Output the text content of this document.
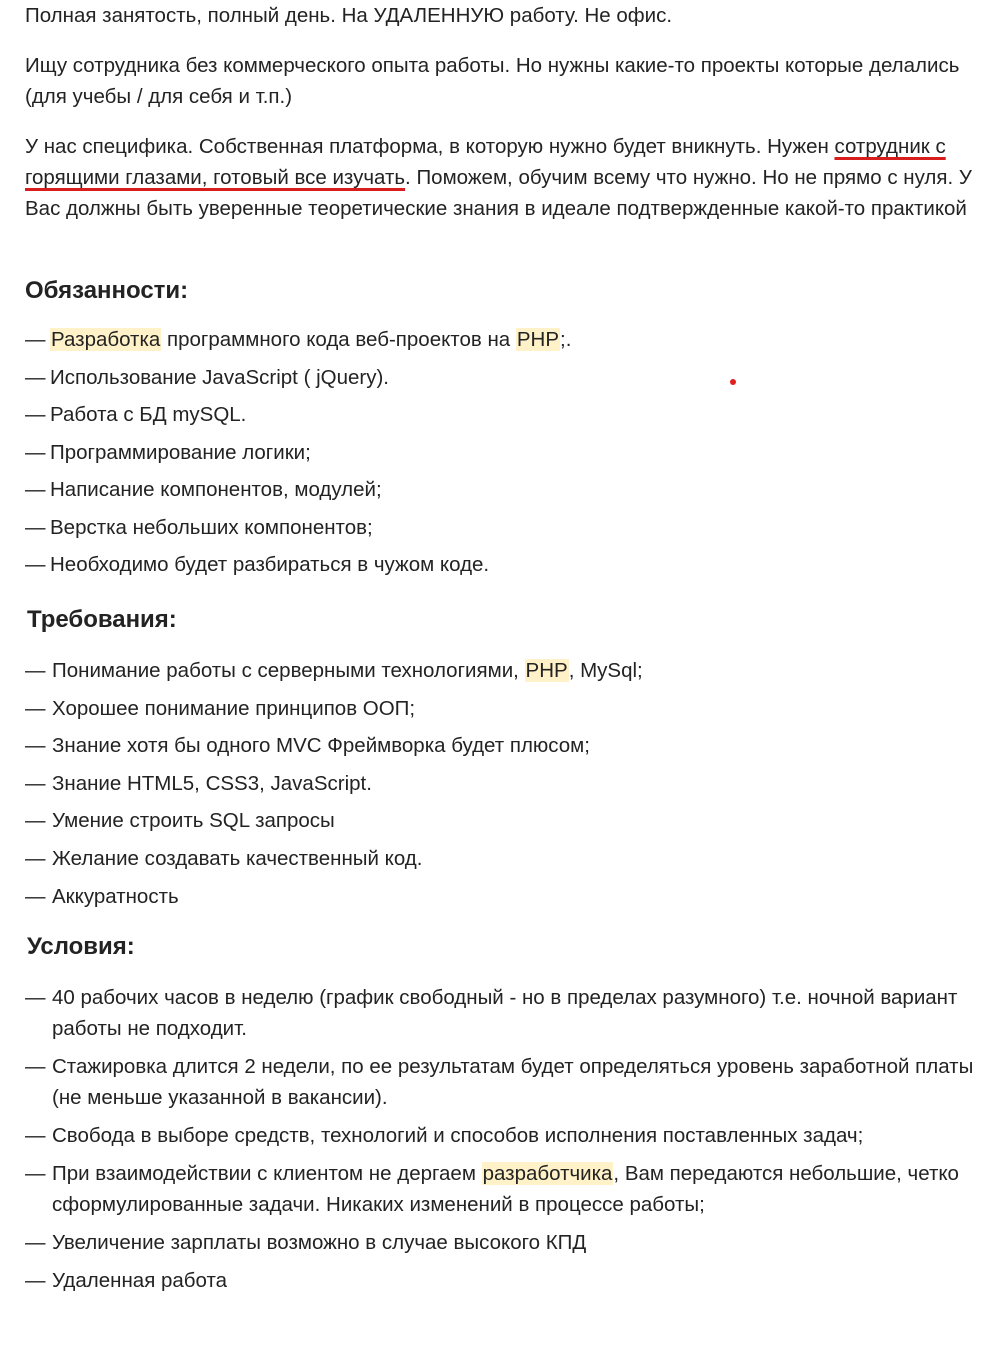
Полная занятость, полный день. На УДАЛЕННУЮ работу. Не офис.

Ищу сотрудника без коммерческого опыта работы. Но нужны какие-то проекты которые делались (для учебы / для себя и т.п.)

У нас специфика. Собственная платформа, в которую нужно будет вникнуть. Нужен сотрудник с горящими глазами, готовый все изучать. Поможем, обучим всему что нужно. Но не прямо с нуля. У Вас должны быть уверенные теоретические знания в идеале подтвержденные какой-то практикой

Обязанности:
— Разработка программного кода веб-проектов на PHP;.
— Использование JavaScript ( jQuery).
— Работа с БД mySQL.
— Программирование логики;
— Написание компонентов, модулей;
— Верстка небольших компонентов;
— Необходимо будет разбираться в чужом коде.
Требования:
— Понимание работы с серверными технологиями, PHP, MySql;
— Хорошее понимание принципов ООП;
— Знание хотя бы одного MVC Фреймворка будет плюсом;
— Знание HTML5, CSS3, JavaScript.
— Умение строить SQL запросы
— Желание создавать качественный код.
— Аккуратность
Условия:
— 40 рабочих часов в неделю (график свободный - но в пределах разумного) т.е. ночной вариант работы не подходит.
— Стажировка длится 2 недели, по ее результатам будет определяться уровень заработной платы (не меньше указанной в вакансии).
— Свобода в выборе средств, технологий и способов исполнения поставленных задач;
— При взаимодействии с клиентом не дергаем разработчика, Вам передаются небольшие, четко сформулированные задачи. Никаких изменений в процессе работы;
— Увеличение зарплаты возможно в случае высокого КПД
— Удаленная работа
